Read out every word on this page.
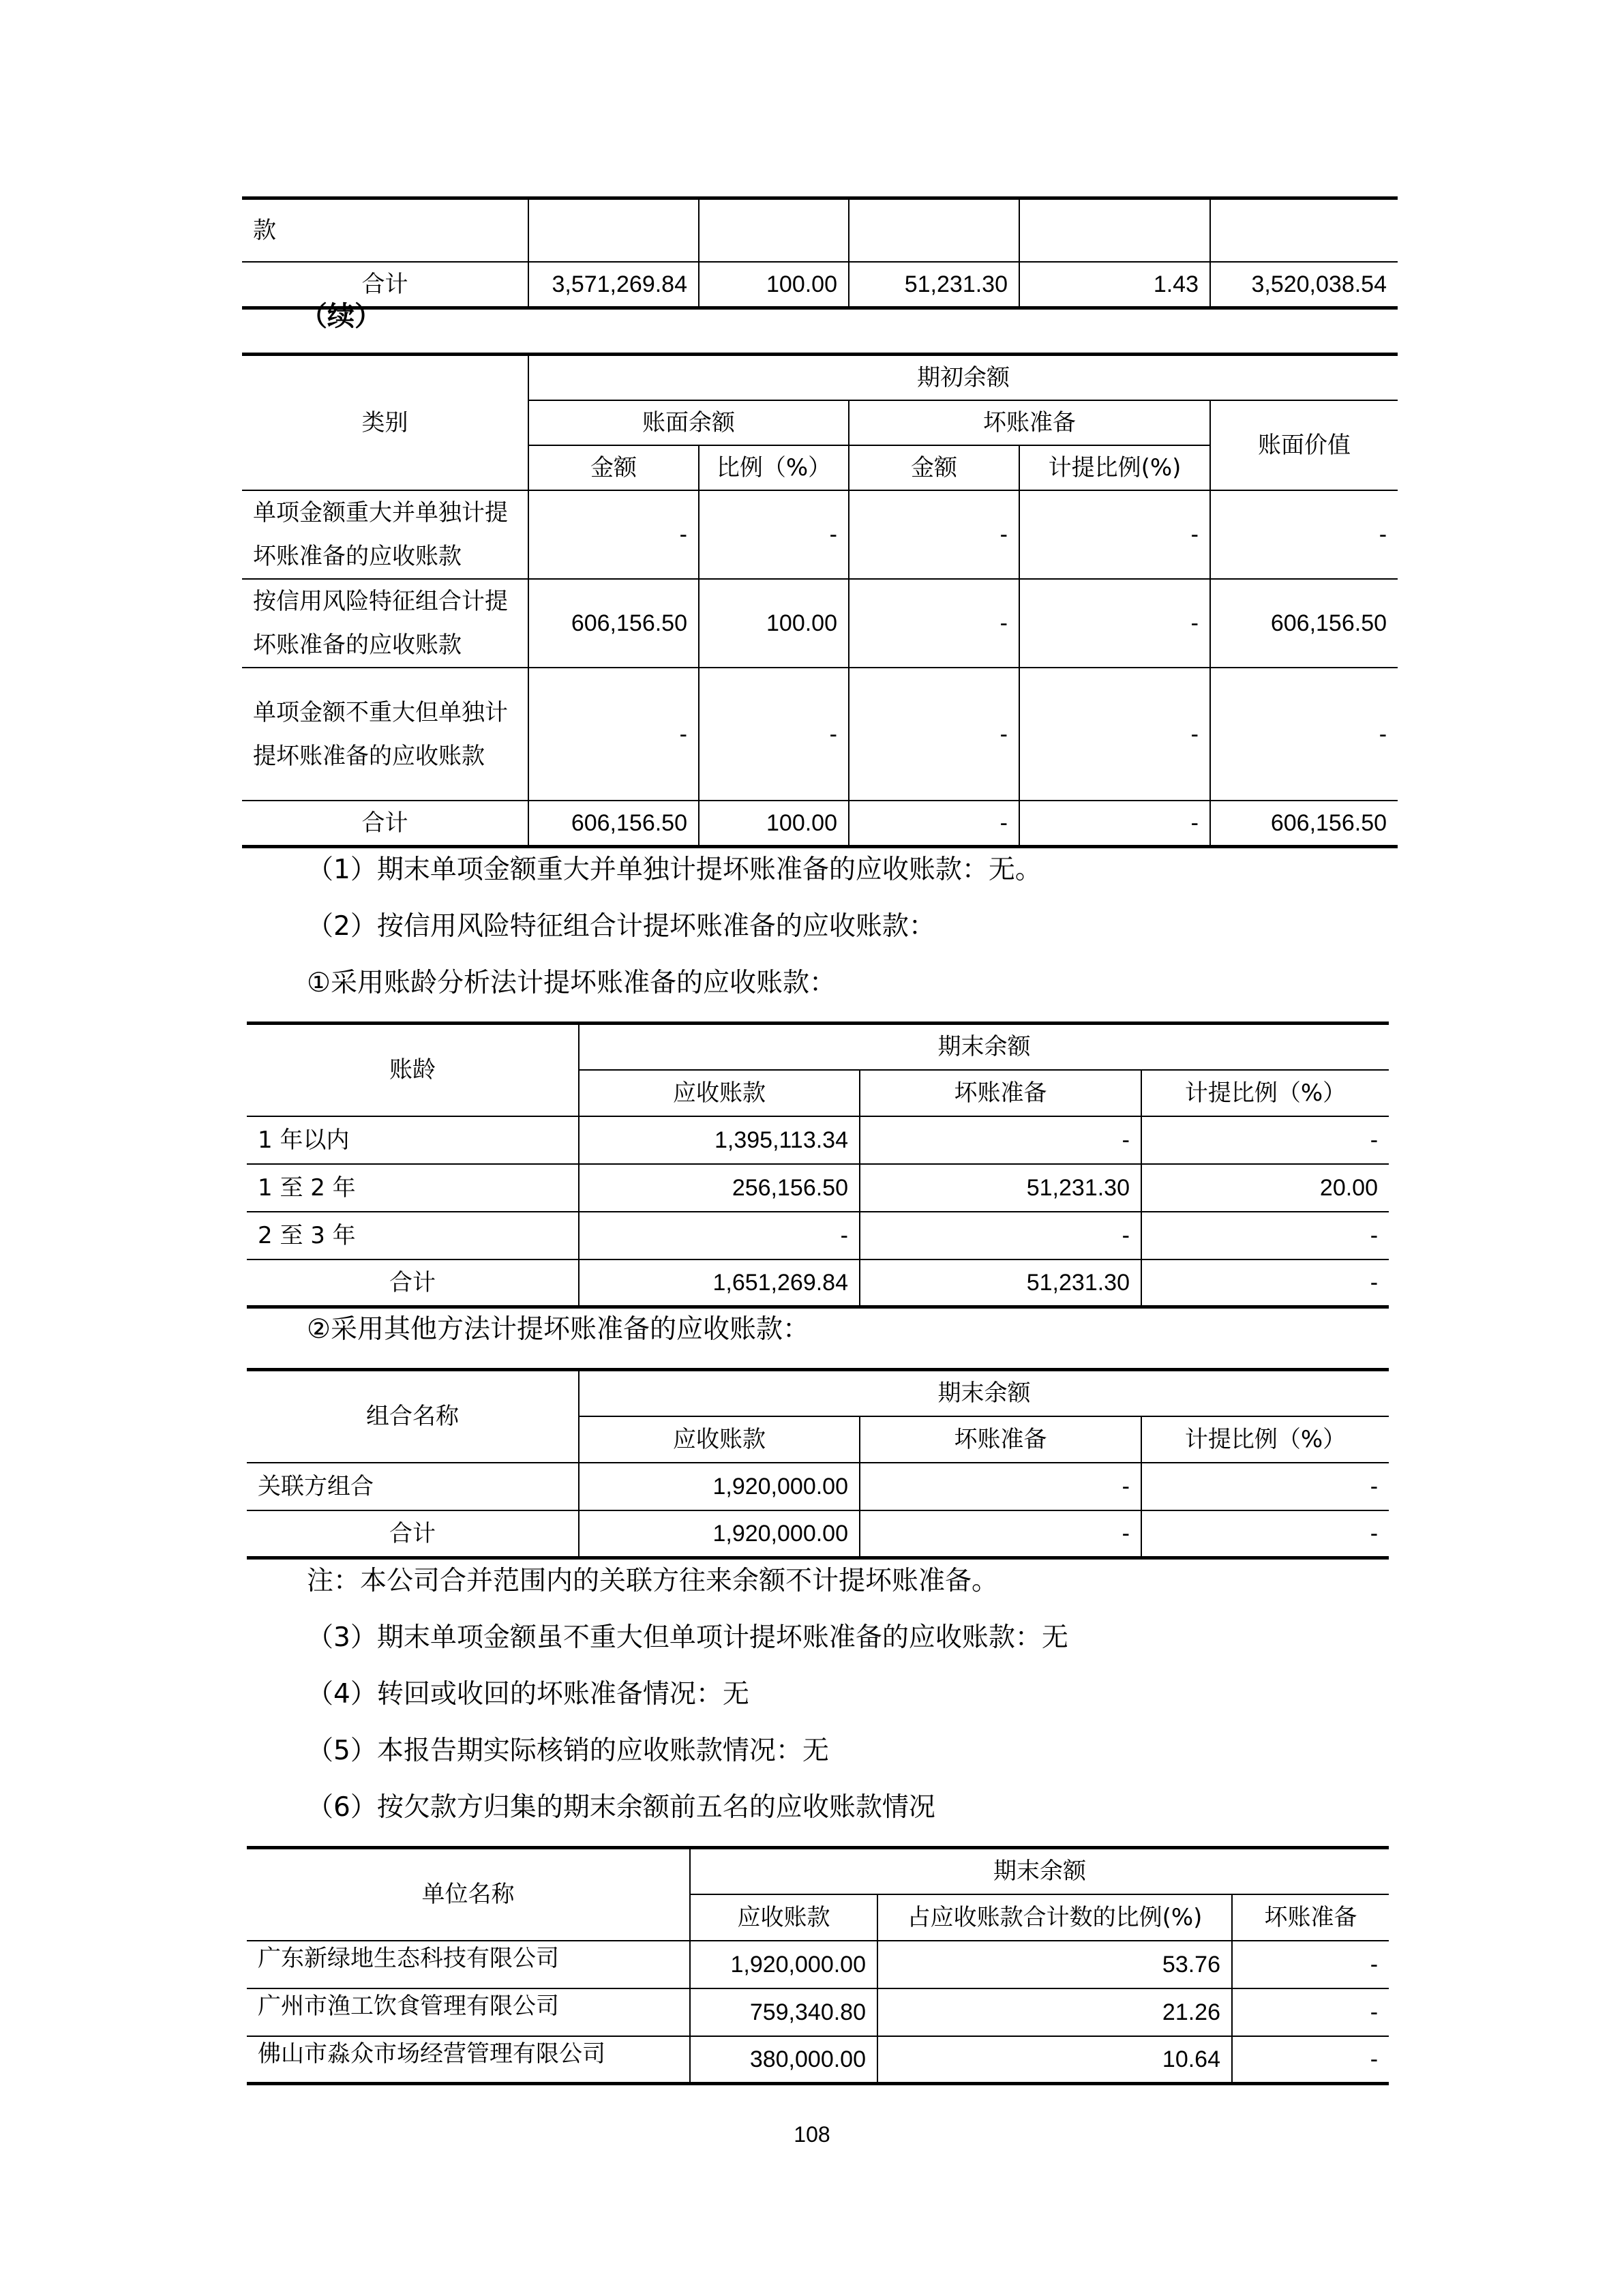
款					
合计	3,571,269.84	100.00	51,231.30	1.43	3,520,038.54
（续）
类别	期初余额				
	账面余额		坏账准备		账面价值
	金额	比例（%）	金额	计提比例(%)	
单项金额重大并单独计提坏账准备的应收账款	-	-	-	-	-
按信用风险特征组合计提坏账准备的应收账款	606,156.50	100.00	-	-	606,156.50
单项金额不重大但单独计提坏账准备的应收账款	-	-	-	-	-
合计	606,156.50	100.00	-	-	606,156.50
（1）期末单项金额重大并单独计提坏账准备的应收账款：无。
（2）按信用风险特征组合计提坏账准备的应收账款：
①采用账龄分析法计提坏账准备的应收账款：
账龄	期末余额		
	应收账款	坏账准备	计提比例（%）
1 年以内	1,395,113.34	-	-
1 至 2 年	256,156.50	51,231.30	20.00
2 至 3 年	-	-	-
合计	1,651,269.84	51,231.30	-
②采用其他方法计提坏账准备的应收账款：
组合名称	期末余额		
	应收账款	坏账准备	计提比例（%）
关联方组合	1,920,000.00	-	-
合计	1,920,000.00	-	-
注：本公司合并范围内的关联方往来余额不计提坏账准备。
（3）期末单项金额虽不重大但单项计提坏账准备的应收账款：无
（4）转回或收回的坏账准备情况：无
（5）本报告期实际核销的应收账款情况：无
（6）按欠款方归集的期末余额前五名的应收账款情况
单位名称	期末余额		
	应收账款	占应收账款合计数的比例(%)	坏账准备
广东新绿地生态科技有限公司	1,920,000.00	53.76	-
广州市渔工饮食管理有限公司	759,340.80	21.26	-
佛山市淼众市场经营管理有限公司	380,000.00	10.64	-
108
